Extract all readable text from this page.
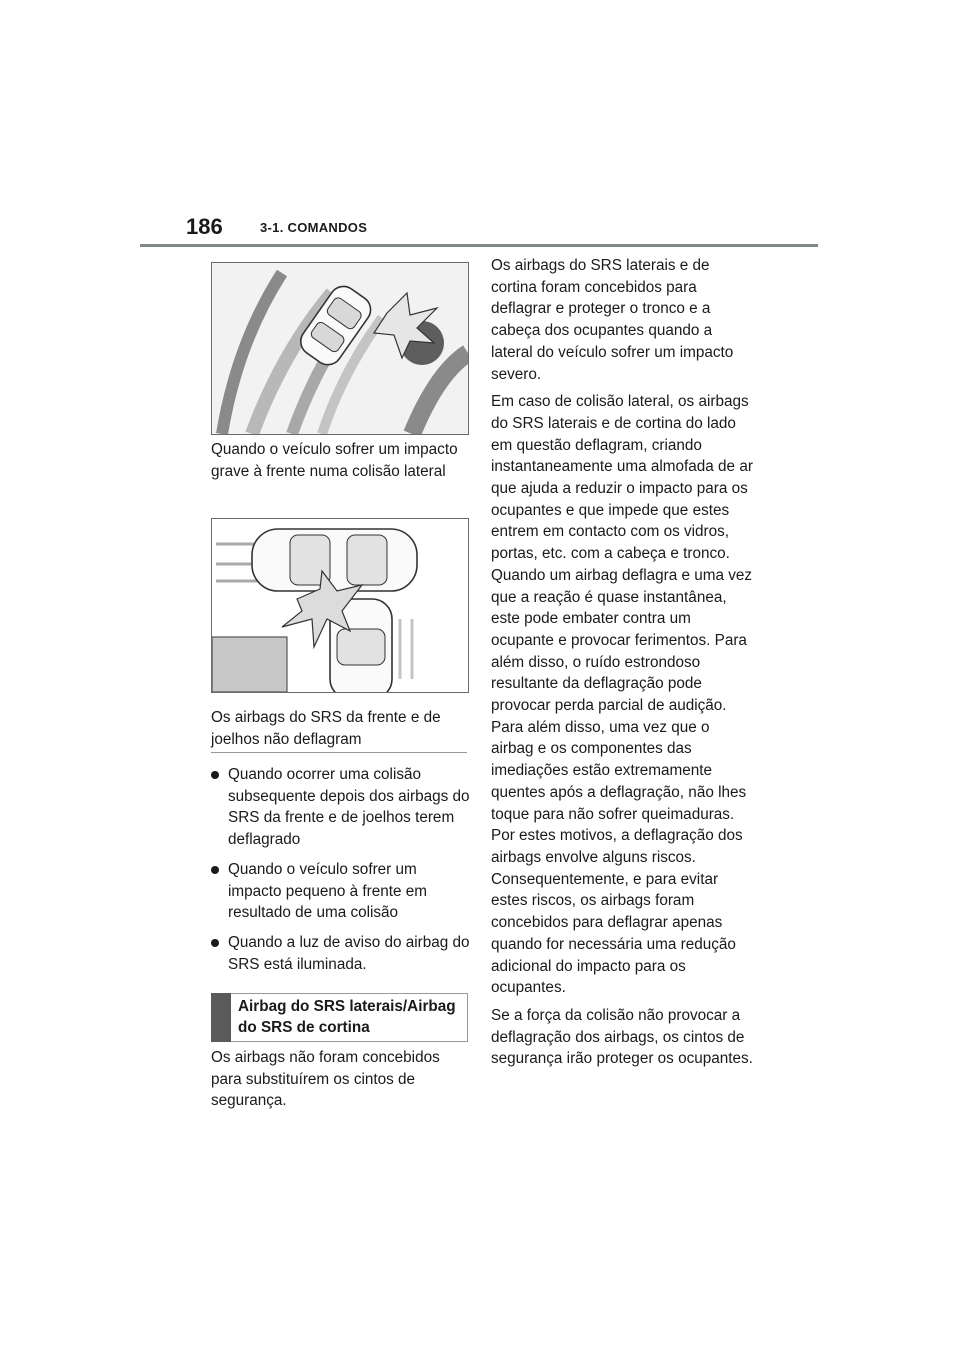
186	3-1. COMANDOS
Quando o veículo sofrer um impacto grave à frente numa colisão lateral
Os airbags do SRS da frente e de joelhos não deflagram
Quando ocorrer uma colisão subsequente depois dos airbags do SRS da frente e de joelhos terem deflagrado
Quando o veículo sofrer um impacto pequeno à frente em resultado de uma colisão
Quando a luz de aviso do airbag do SRS está iluminada.
Airbag do SRS laterais/Airbag do SRS de cortina

Os airbags não foram concebidos para substituírem os cintos de segurança.

Os airbags do SRS laterais e de cortina foram concebidos para deflagrar e proteger o tronco e a cabeça dos ocupantes quando a lateral do veículo sofrer um impacto severo.

Em caso de colisão lateral, os airbags do SRS laterais e de cortina do lado em questão deflagram, criando instantaneamente uma almofada de ar que ajuda a reduzir o impacto para os ocupantes e que impede que estes entrem em contacto com os vidros, portas, etc. com a cabeça e tronco. Quando um airbag deflagra e uma vez que a reação é quase instantânea, este pode embater contra um ocupante e provocar ferimentos. Para além disso, o ruído estrondoso resultante da deflagração pode provocar perda parcial de audição. Para além disso, uma vez que o airbag e os componentes das imediações estão extremamente quentes após a deflagração, não lhes toque para não sofrer queimaduras. Por estes motivos, a deflagração dos airbags envolve alguns riscos. Consequentemente, e para evitar estes riscos, os airbags foram concebidos para deflagrar apenas quando for necessária uma redução adicional do impacto para os ocupantes.

Se a força da colisão não provocar a deflagração dos airbags, os cintos de segurança irão proteger os ocupantes.
